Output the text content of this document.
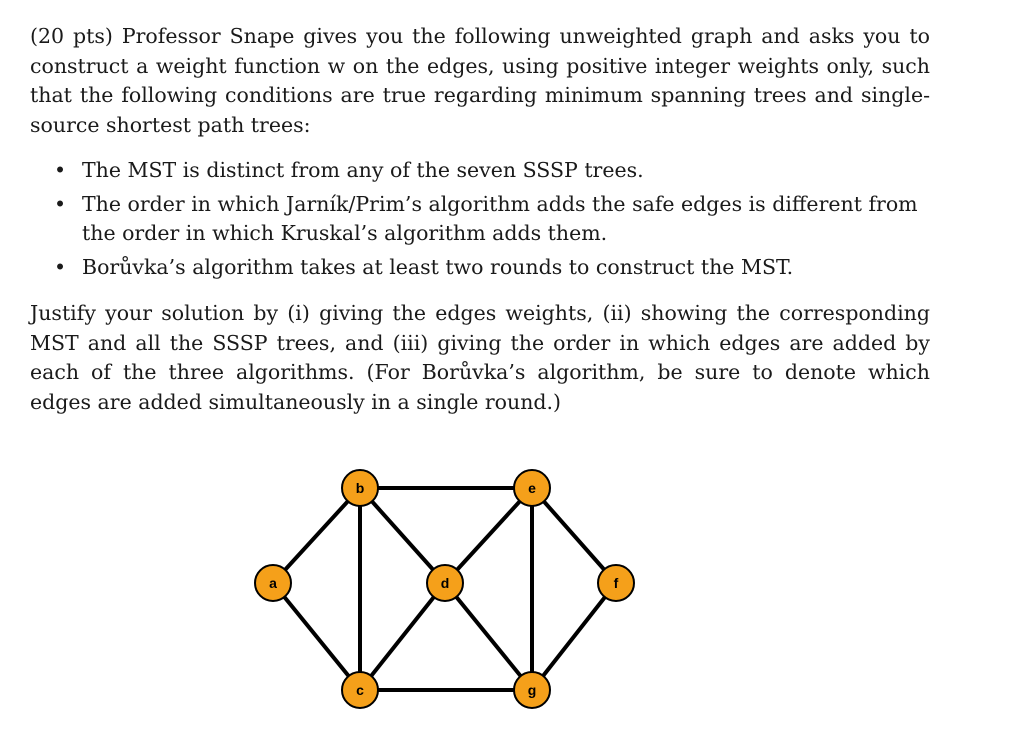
(20 pts) Professor Snape gives you the following unweighted graph and asks you to construct a weight function w on the edges, using positive integer weights only, such that the following conditions are true regarding minimum spanning trees and single-source shortest path trees:

• The MST is distinct from any of the seven SSSP trees.
• The order in which Jarník/Prim’s algorithm adds the safe edges is different from the order in which Kruskal’s algorithm adds them.
• Borůvka’s algorithm takes at least two rounds to construct the MST.

Justify your solution by (i) giving the edges weights, (ii) showing the corresponding MST and all the SSSP trees, and (iii) giving the order in which edges are added by each of the three algorithms. (For Borůvka’s algorithm, be sure to denote which edges are added simultaneously in a single round.)

a
b
c
d
e
f
g
